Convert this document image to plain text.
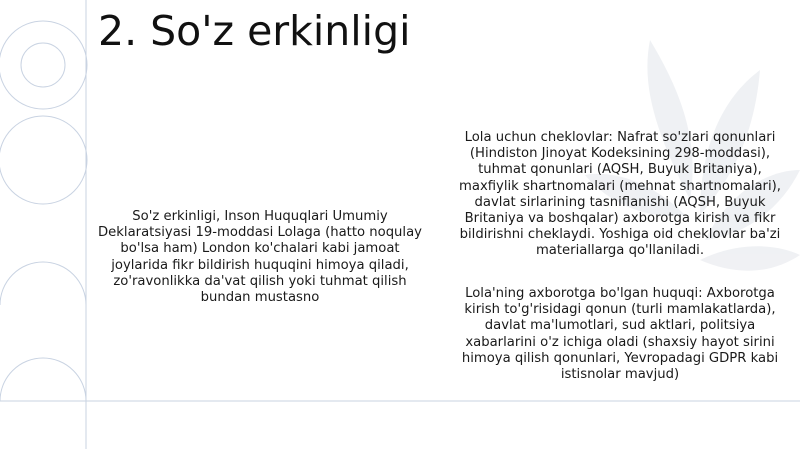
2. So'z erkinligi
So'z erkinligi, Inson Huquqlari Umumiy Deklaratsiyasi 19-moddasi Lolaga (hatto noqulay bo'lsa ham) London ko'chalari kabi jamoat joylarida fikr bildirish huquqini himoya qiladi, zo'ravonlikka da'vat qilish yoki tuhmat qilish bundan mustasno
Lola uchun cheklovlar: Nafrat so'zlari qonunlari (Hindiston Jinoyat Kodeksining 298-moddasi), tuhmat qonunlari (AQSH, Buyuk Britaniya), maxfiylik shartnomalari (mehnat shartnomalari), davlat sirlarining tasniflanishi (AQSH, Buyuk Britaniya va boshqalar) axborotga kirish va fikr bildirishni cheklaydi. Yoshiga oid cheklovlar ba'zi materiallarga qo'llaniladi.
Lola'ning axborotga bo'lgan huquqi: Axborotga kirish to'g'risidagi qonun (turli mamlakatlarda), davlat ma'lumotlari, sud aktlari, politsiya xabarlarini o'z ichiga oladi (shaxsiy hayot sirini himoya qilish qonunlari, Yevropadagi GDPR kabi istisnolar mavjud)
